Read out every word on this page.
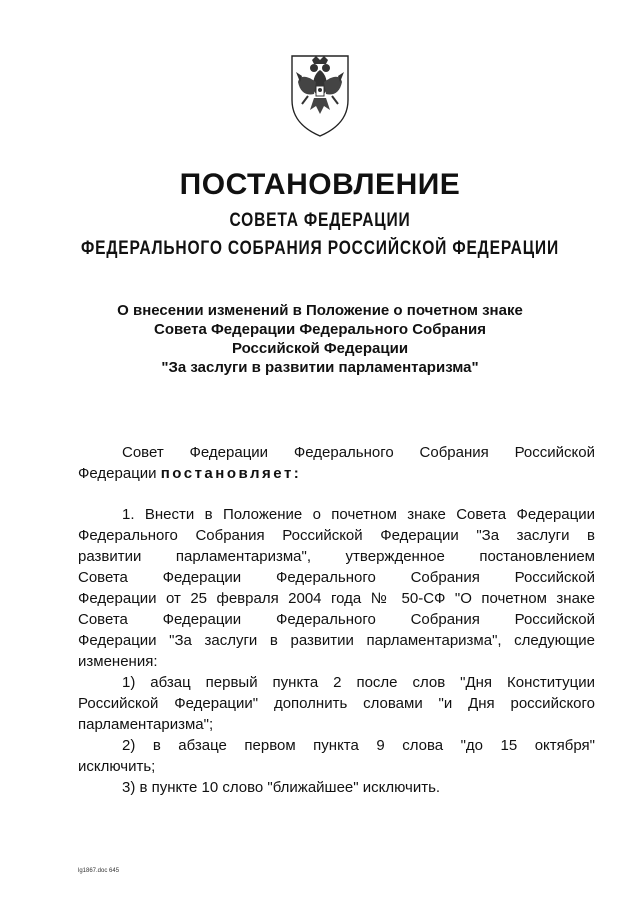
ПОСТАНОВЛЕНИЕ
СОВЕТА ФЕДЕРАЦИИ
ФЕДЕРАЛЬНОГО СОБРАНИЯ РОССИЙСКОЙ ФЕДЕРАЦИИ
О внесении изменений в Положение о почетном знаке
Совета Федерации Федерального Собрания
Российской Федерации
"За заслуги в развитии парламентаризма"
Совет Федерации Федерального Собрания Российской
Федерации постановляет:
1. Внести в Положение о почетном знаке Совета Федерации
Федерального Собрания Российской Федерации "За заслуги в
развитии парламентаризма", утвержденное постановлением
Совета Федерации Федерального Собрания Российской
Федерации от 25 февраля 2004 года № 50-СФ "О почетном знаке
Совета Федерации Федерального Собрания Российской
Федерации "За заслуги в развитии парламентаризма", следующие
изменения:
1) абзац первый пункта 2 после слов "Дня Конституции
Российской Федерации" дополнить словами "и Дня российского
парламентаризма";
2) в абзаце первом пункта 9 слова "до 15 октября"
исключить;
3) в пункте 10 слово "ближайшее" исключить.
lg1867.doc 645
